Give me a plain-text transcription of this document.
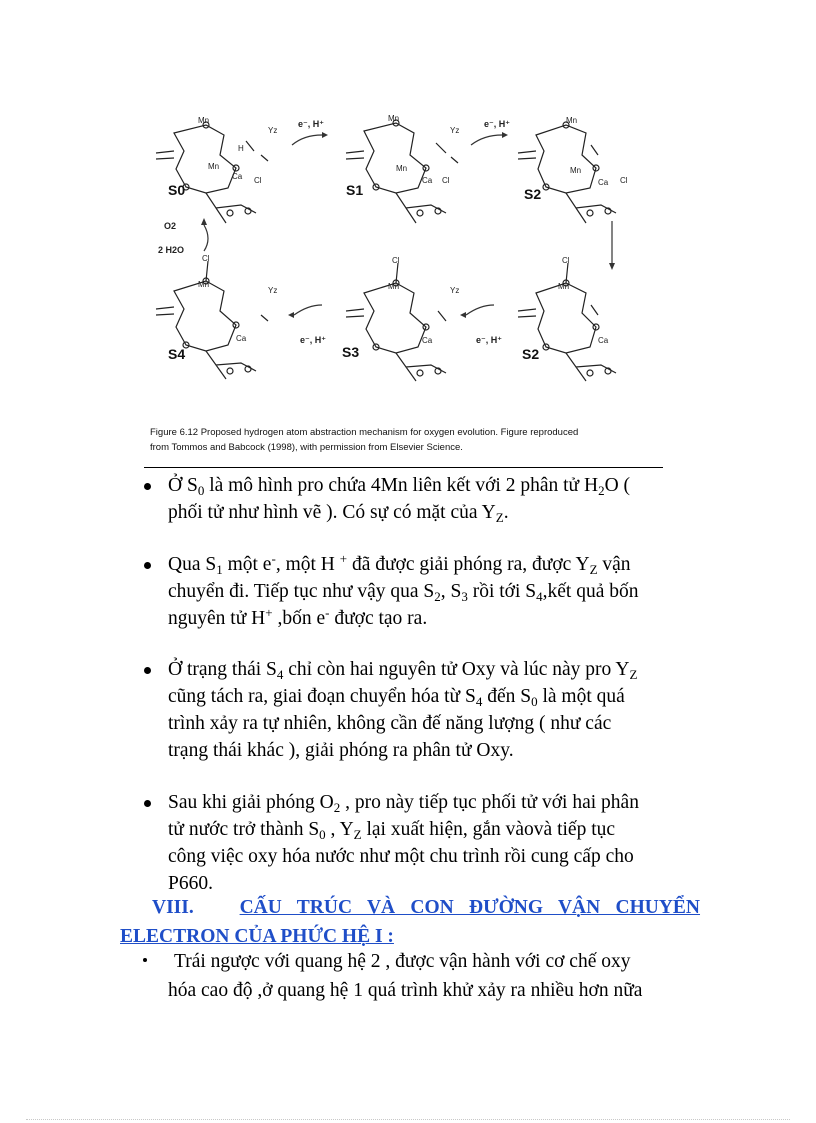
Mn
Mn
Ca Cl
Yz
H
Mn
Mn
Ca Cl
Yz
Mn
Mn
Ca Cl
Cl
Mn
Ca
Yz
Cl
Mn
Ca
Yz
Cl
Mn
Ca
S0	S1	S2
S4	S3	S2
e⁻, H⁺	e⁻, H⁺
e⁻, H⁺
e⁻, H⁺
O2
2 H2O
Figure 6.12 Proposed hydrogen atom abstraction mechanism for oxygen evolution. Figure reproduced
from Tommos and Babcock (1998), with permission from Elsevier Science.

Ở $S_0$ là mô hình pro chứa 4Mn liên kết với 2 phân tử $H_2O$ (

phối tử như hình vẽ ). Có sự có mặt của $Y_Z$.

Qua $S_1$ một e-, một H + đã được giải phóng ra, được $Y_Z$ vận

chuyển đi. Tiếp tục như vậy qua $S_2$, $S_3$ rồi tới $S_4,kết$ quả bốn

nguyên tử H+ ,bốn e- được tạo ra.

Ở trạng thái $S_4$ chỉ còn hai nguyên tử Oxy và lúc này pro $Y_Z$

cũng tách ra, giai đoạn chuyển hóa từ $S_4$ đến $S_0$ là một quá

trình xảy ra tự nhiên, không cần đế năng lượng ( như các

trạng thái khác ), giải phóng ra phân tử Oxy.

Sau khi giải phóng $O_2$ , pro này tiếp tục phối tử với hai phân

tử nước trở thành $S_0$ , $Y_Z$ lại xuất hiện, gắn vàovà tiếp tục

công việc oxy hóa nước như một chu trình rồi cung cấp cho

P660.

VIII. CẤU TRÚC VÀ CON ĐƯỜNG VẬN CHUYỂN
ELECTRON CỦA PHỨC HỆ I :

Trái ngược với quang hệ 2 , được vận hành với cơ chế oxy

hóa cao độ ,ở quang hệ 1 quá trình khử xảy ra nhiều hơn nữa
